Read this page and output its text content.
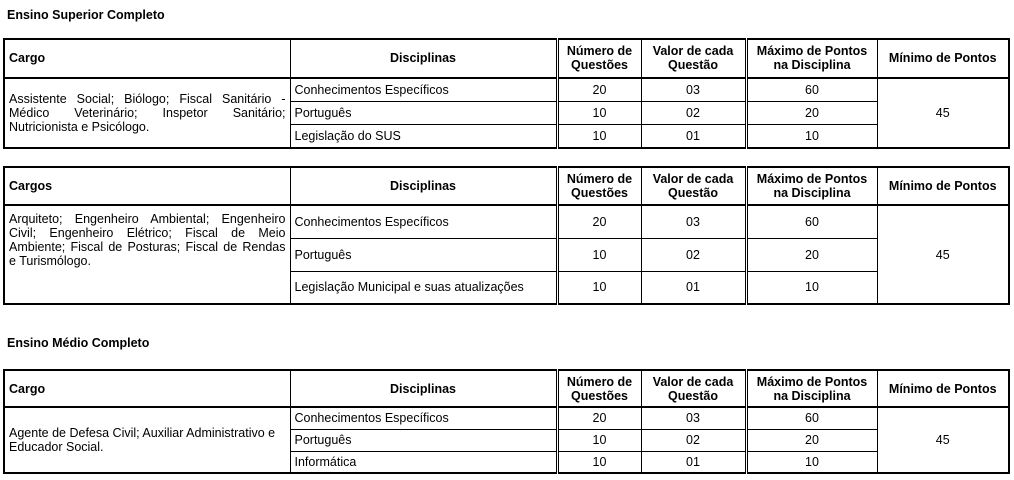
Ensino Superior Completo
Cargo	Disciplinas	Número de Questões	Valor de cada Questão	Máximo de Pontos na Disciplina	Mínimo de Pontos
Assistente Social; Biólogo; Fiscal Sanitário - Médico Veterinário; Inspetor Sanitário; Nutricionista e Psicólogo.	Conhecimentos Específicos	20	03	60	45
	Português	10	02	20	
	Legislação do SUS	10	01	10	
Cargos	Disciplinas	Número de Questões	Valor de cada Questão	Máximo de Pontos na Disciplina	Mínimo de Pontos
Arquiteto; Engenheiro Ambiental; Engenheiro Civil; Engenheiro Elétrico; Fiscal de Meio Ambiente; Fiscal de Posturas; Fiscal de Rendas e Turismólogo.	Conhecimentos Específicos	20	03	60	45
	Português	10	02	20	
	Legislação Municipal e suas atualizações	10	01	10	
Ensino Médio Completo
Cargo	Disciplinas	Número de Questões	Valor de cada Questão	Máximo de Pontos na Disciplina	Mínimo de Pontos
Agente de Defesa Civil; Auxiliar Administrativo e Educador Social.	Conhecimentos Específicos	20	03	60	45
	Português	10	02	20	
	Informática	10	01	10	
